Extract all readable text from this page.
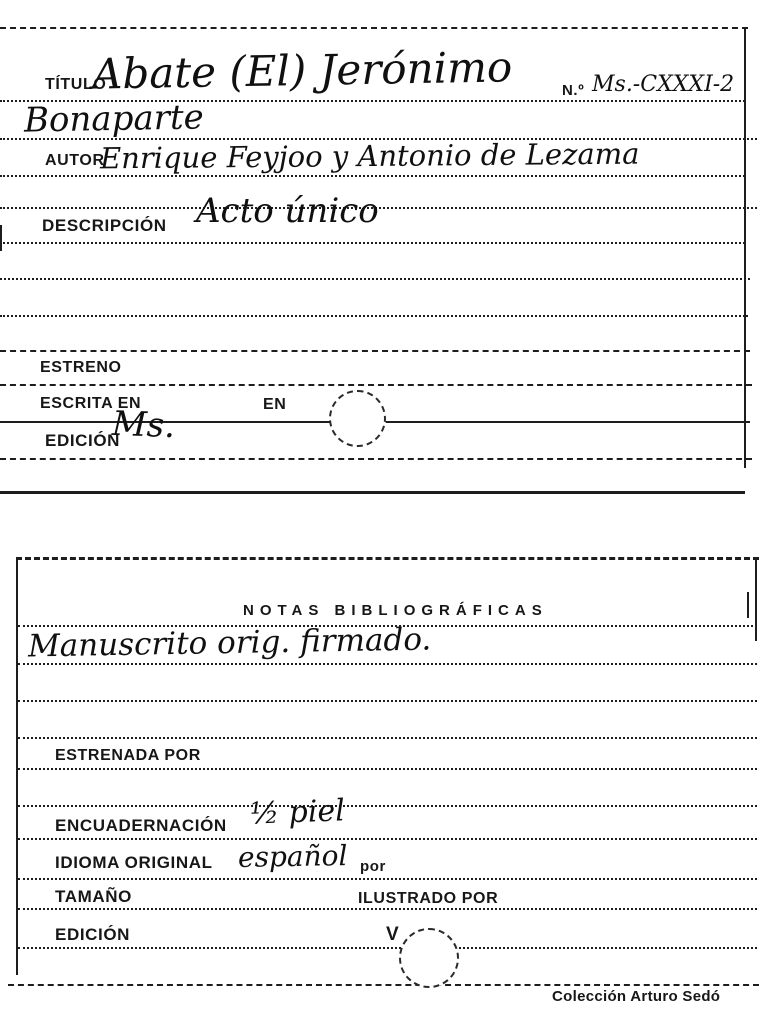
TÍTULO
Abate (El) Jerónimo	N.º Ms.-CXXXI-2
Bonaparte
AUTOR
Enrique Feyjoo y Antonio de Lezama
DESCRIPCIÓN Acto único
ESTRENO
ESCRITA EN	EN
EDICIÓN
Ms.
NOTAS BIBLIOGRÁFICAS
Manuscrito orig. firmado.
ESTRENADA POR
ENCUADERNACIÓN ½ piel
IDIOMA ORIGINAL español por
TAMAÑO	ILUSTRADO POR
EDICIÓN	V
Colección Arturo Sedó
